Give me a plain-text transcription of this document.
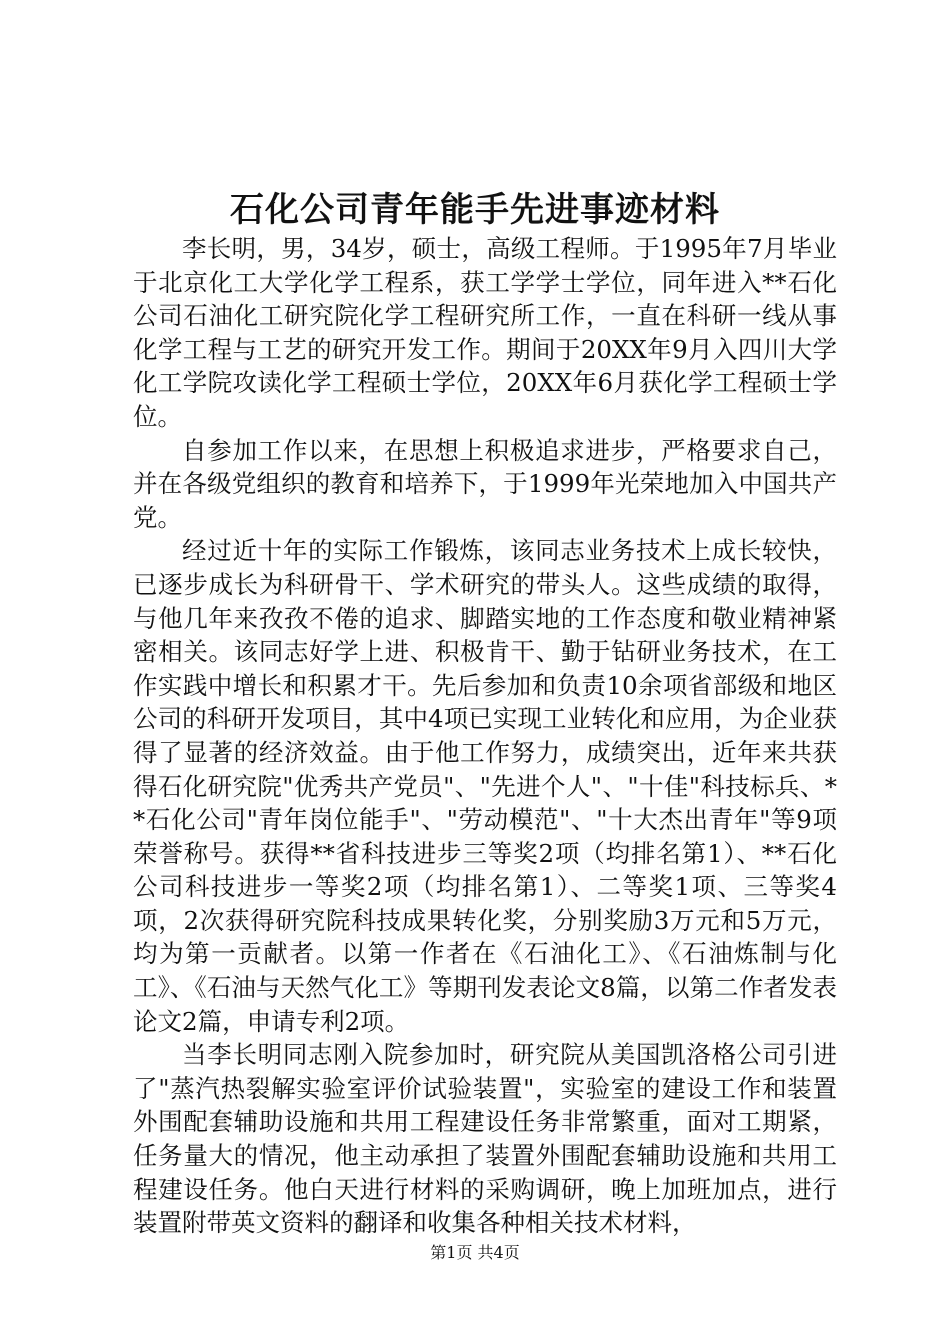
石化公司青年能手先进事迹材料

李长明，男，34岁，硕士，高级工程师。于1995年7月毕业于北京化工大学化学工程系，获工学学士学位，同年进入**石化公司石油化工研究院化学工程研究所工作，一直在科研一线从事化学工程与工艺的研究开发工作。期间于20XX年9月入四川大学化工学院攻读化学工程硕士学位，20XX年6月获化学工程硕士学位。

自参加工作以来，在思想上积极追求进步，严格要求自己，并在各级党组织的教育和培养下，于1999年光荣地加入中国共产党。

经过近十年的实际工作锻炼，该同志业务技术上成长较快，已逐步成长为科研骨干、学术研究的带头人。这些成绩的取得，与他几年来孜孜不倦的追求、脚踏实地的工作态度和敬业精神紧密相关。该同志好学上进、积极肯干、勤于钻研业务技术，在工作实践中增长和积累才干。先后参加和负责10余项省部级和地区公司的科研开发项目，其中4项已实现工业转化和应用，为企业获得了显著的经济效益。由于他工作努力，成绩突出，近年来共获得石化研究院"优秀共产党员"、"先进个人"、"十佳"科技标兵、**石化公司"青年岗位能手"、"劳动模范"、"十大杰出青年"等9项荣誉称号。获得**省科技进步三等奖2项（均排名第1）、**石化公司科技进步一等奖2项（均排名第1）、二等奖1项、三等奖4项，2次获得研究院科技成果转化奖，分别奖励3万元和5万元，均为第一贡献者。以第一作者在《石油化工》、《石油炼制与化工》、《石油与天然气化工》等期刊发表论文8篇，以第二作者发表论文2篇，申请专利2项。

当李长明同志刚入院参加时，研究院从美国凯洛格公司引进了"蒸汽热裂解实验室评价试验装置"，实验室的建设工作和装置外围配套辅助设施和共用工程建设任务非常繁重，面对工期紧，任务量大的情况，他主动承担了装置外围配套辅助设施和共用工程建设任务。他白天进行材料的采购调研，晚上加班加点，进行装置附带英文资料的翻译和收集各种相关技术材料，

第1页 共4页
